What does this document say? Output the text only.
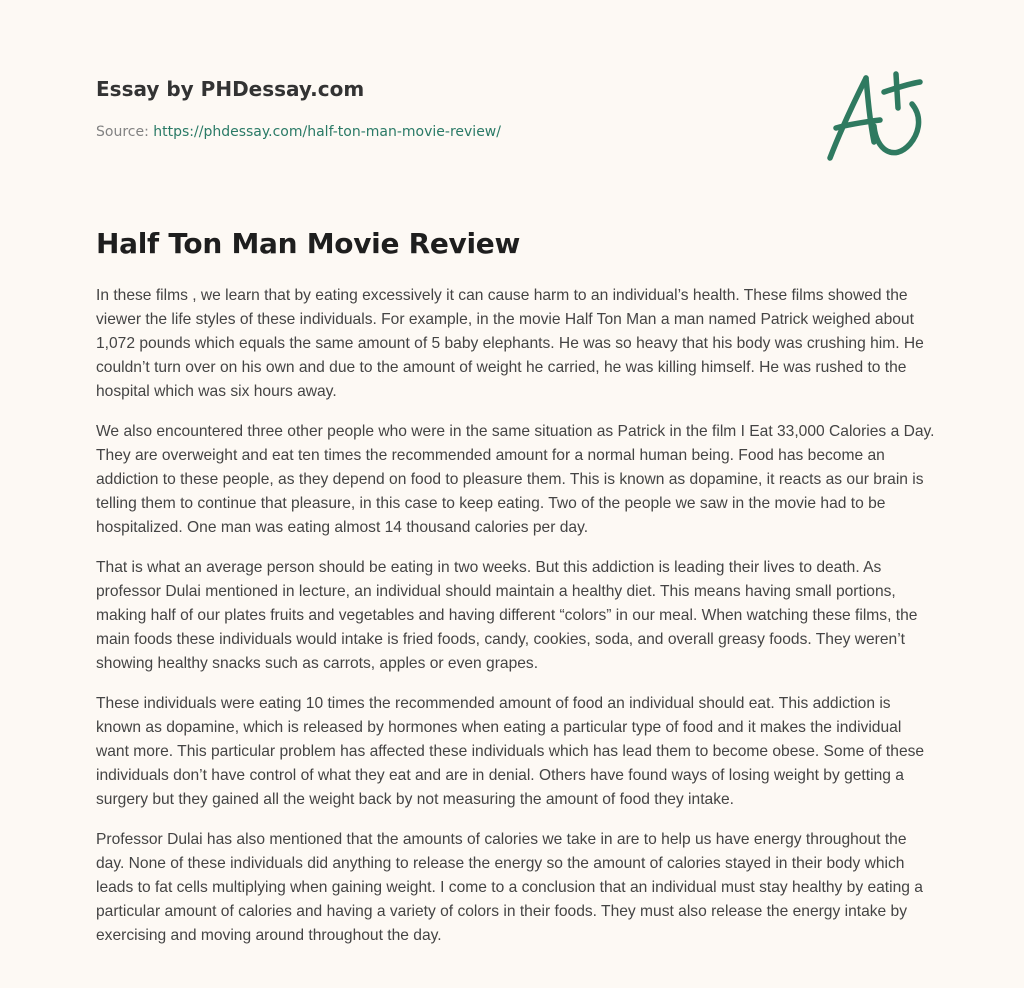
Essay by PHDessay.com
Source: https://phdessay.com/half-ton-man-movie-review/
Half Ton Man Movie Review

In these films , we learn that by eating excessively it can cause harm to an individual’s health. These films showed the viewer the life styles of these individuals. For example, in the movie Half Ton Man a man named Patrick weighed about 1,072 pounds which equals the same amount of 5 baby elephants. He was so heavy that his body was crushing him. He couldn’t turn over on his own and due to the amount of weight he carried, he was killing himself. He was rushed to the hospital which was six hours away.

We also encountered three other people who were in the same situation as Patrick in the film I Eat 33,000 Calories a Day. They are overweight and eat ten times the recommended amount for a normal human being. Food has become an addiction to these people, as they depend on food to pleasure them. This is known as dopamine, it reacts as our brain is telling them to continue that pleasure, in this case to keep eating. Two of the people we saw in the movie had to be hospitalized. One man was eating almost 14 thousand calories per day.

That is what an average person should be eating in two weeks. But this addiction is leading their lives to death. As professor Dulai mentioned in lecture, an individual should maintain a healthy diet. This means having small portions, making half of our plates fruits and vegetables and having different “colors” in our meal. When watching these films, the main foods these individuals would intake is fried foods, candy, cookies, soda, and overall greasy foods. They weren’t showing healthy snacks such as carrots, apples or even grapes.

These individuals were eating 10 times the recommended amount of food an individual should eat. This addiction is known as dopamine, which is released by hormones when eating a particular type of food and it makes the individual want more. This particular problem has affected these individuals which has lead them to become obese. Some of these individuals don’t have control of what they eat and are in denial. Others have found ways of losing weight by getting a surgery but they gained all the weight back by not measuring the amount of food they intake.

Professor Dulai has also mentioned that the amounts of calories we take in are to help us have energy throughout the day. None of these individuals did anything to release the energy so the amount of calories stayed in their body which leads to fat cells multiplying when gaining weight. I come to a conclusion that an individual must stay healthy by eating a particular amount of calories and having a variety of colors in their foods. They must also release the energy intake by exercising and moving around throughout the day.
